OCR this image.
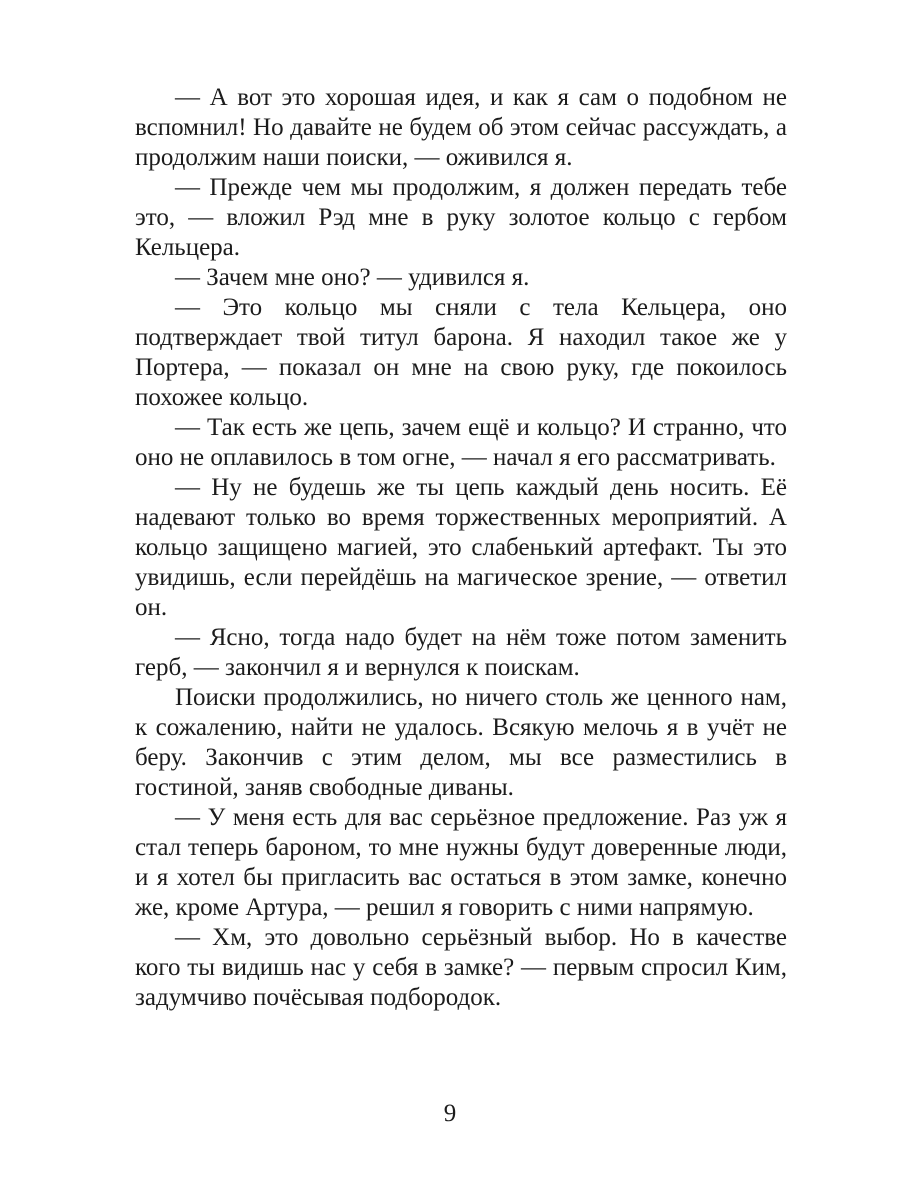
— А вот это хорошая идея, и как я сам о подобном не вспомнил! Но давайте не будем об этом сейчас рассуждать, а продолжим наши поиски, — оживился я.

— Прежде чем мы продолжим, я должен передать тебе это, — вложил Рэд мне в руку золотое кольцо с гербом Кельцера.

— Зачем мне оно? — удивился я.

— Это кольцо мы сняли с тела Кельцера, оно подтверждает твой титул барона. Я находил такое же у Портера, — показал он мне на свою руку, где покоилось похожее кольцо.

— Так есть же цепь, зачем ещё и кольцо? И странно, что оно не оплавилось в том огне, — начал я его рассматривать.

— Ну не будешь же ты цепь каждый день носить. Её надевают только во время торжественных мероприятий. А кольцо защищено магией, это слабенький артефакт. Ты это увидишь, если перейдёшь на магическое зрение, — ответил он.

— Ясно, тогда надо будет на нём тоже потом заменить герб, — закончил я и вернулся к поискам.

Поиски продолжились, но ничего столь же ценного нам, к сожалению, найти не удалось. Всякую мелочь я в учёт не беру. Закончив с этим делом, мы все разместились в гостиной, заняв свободные диваны.

— У меня есть для вас серьёзное предложение. Раз уж я стал теперь бароном, то мне нужны будут доверенные люди, и я хотел бы пригласить вас остаться в этом замке, конечно же, кроме Артура, — решил я говорить с ними напрямую.

— Хм, это довольно серьёзный выбор. Но в качестве кого ты видишь нас у себя в замке? — первым спросил Ким, задумчиво почёсывая подбородок.

9
